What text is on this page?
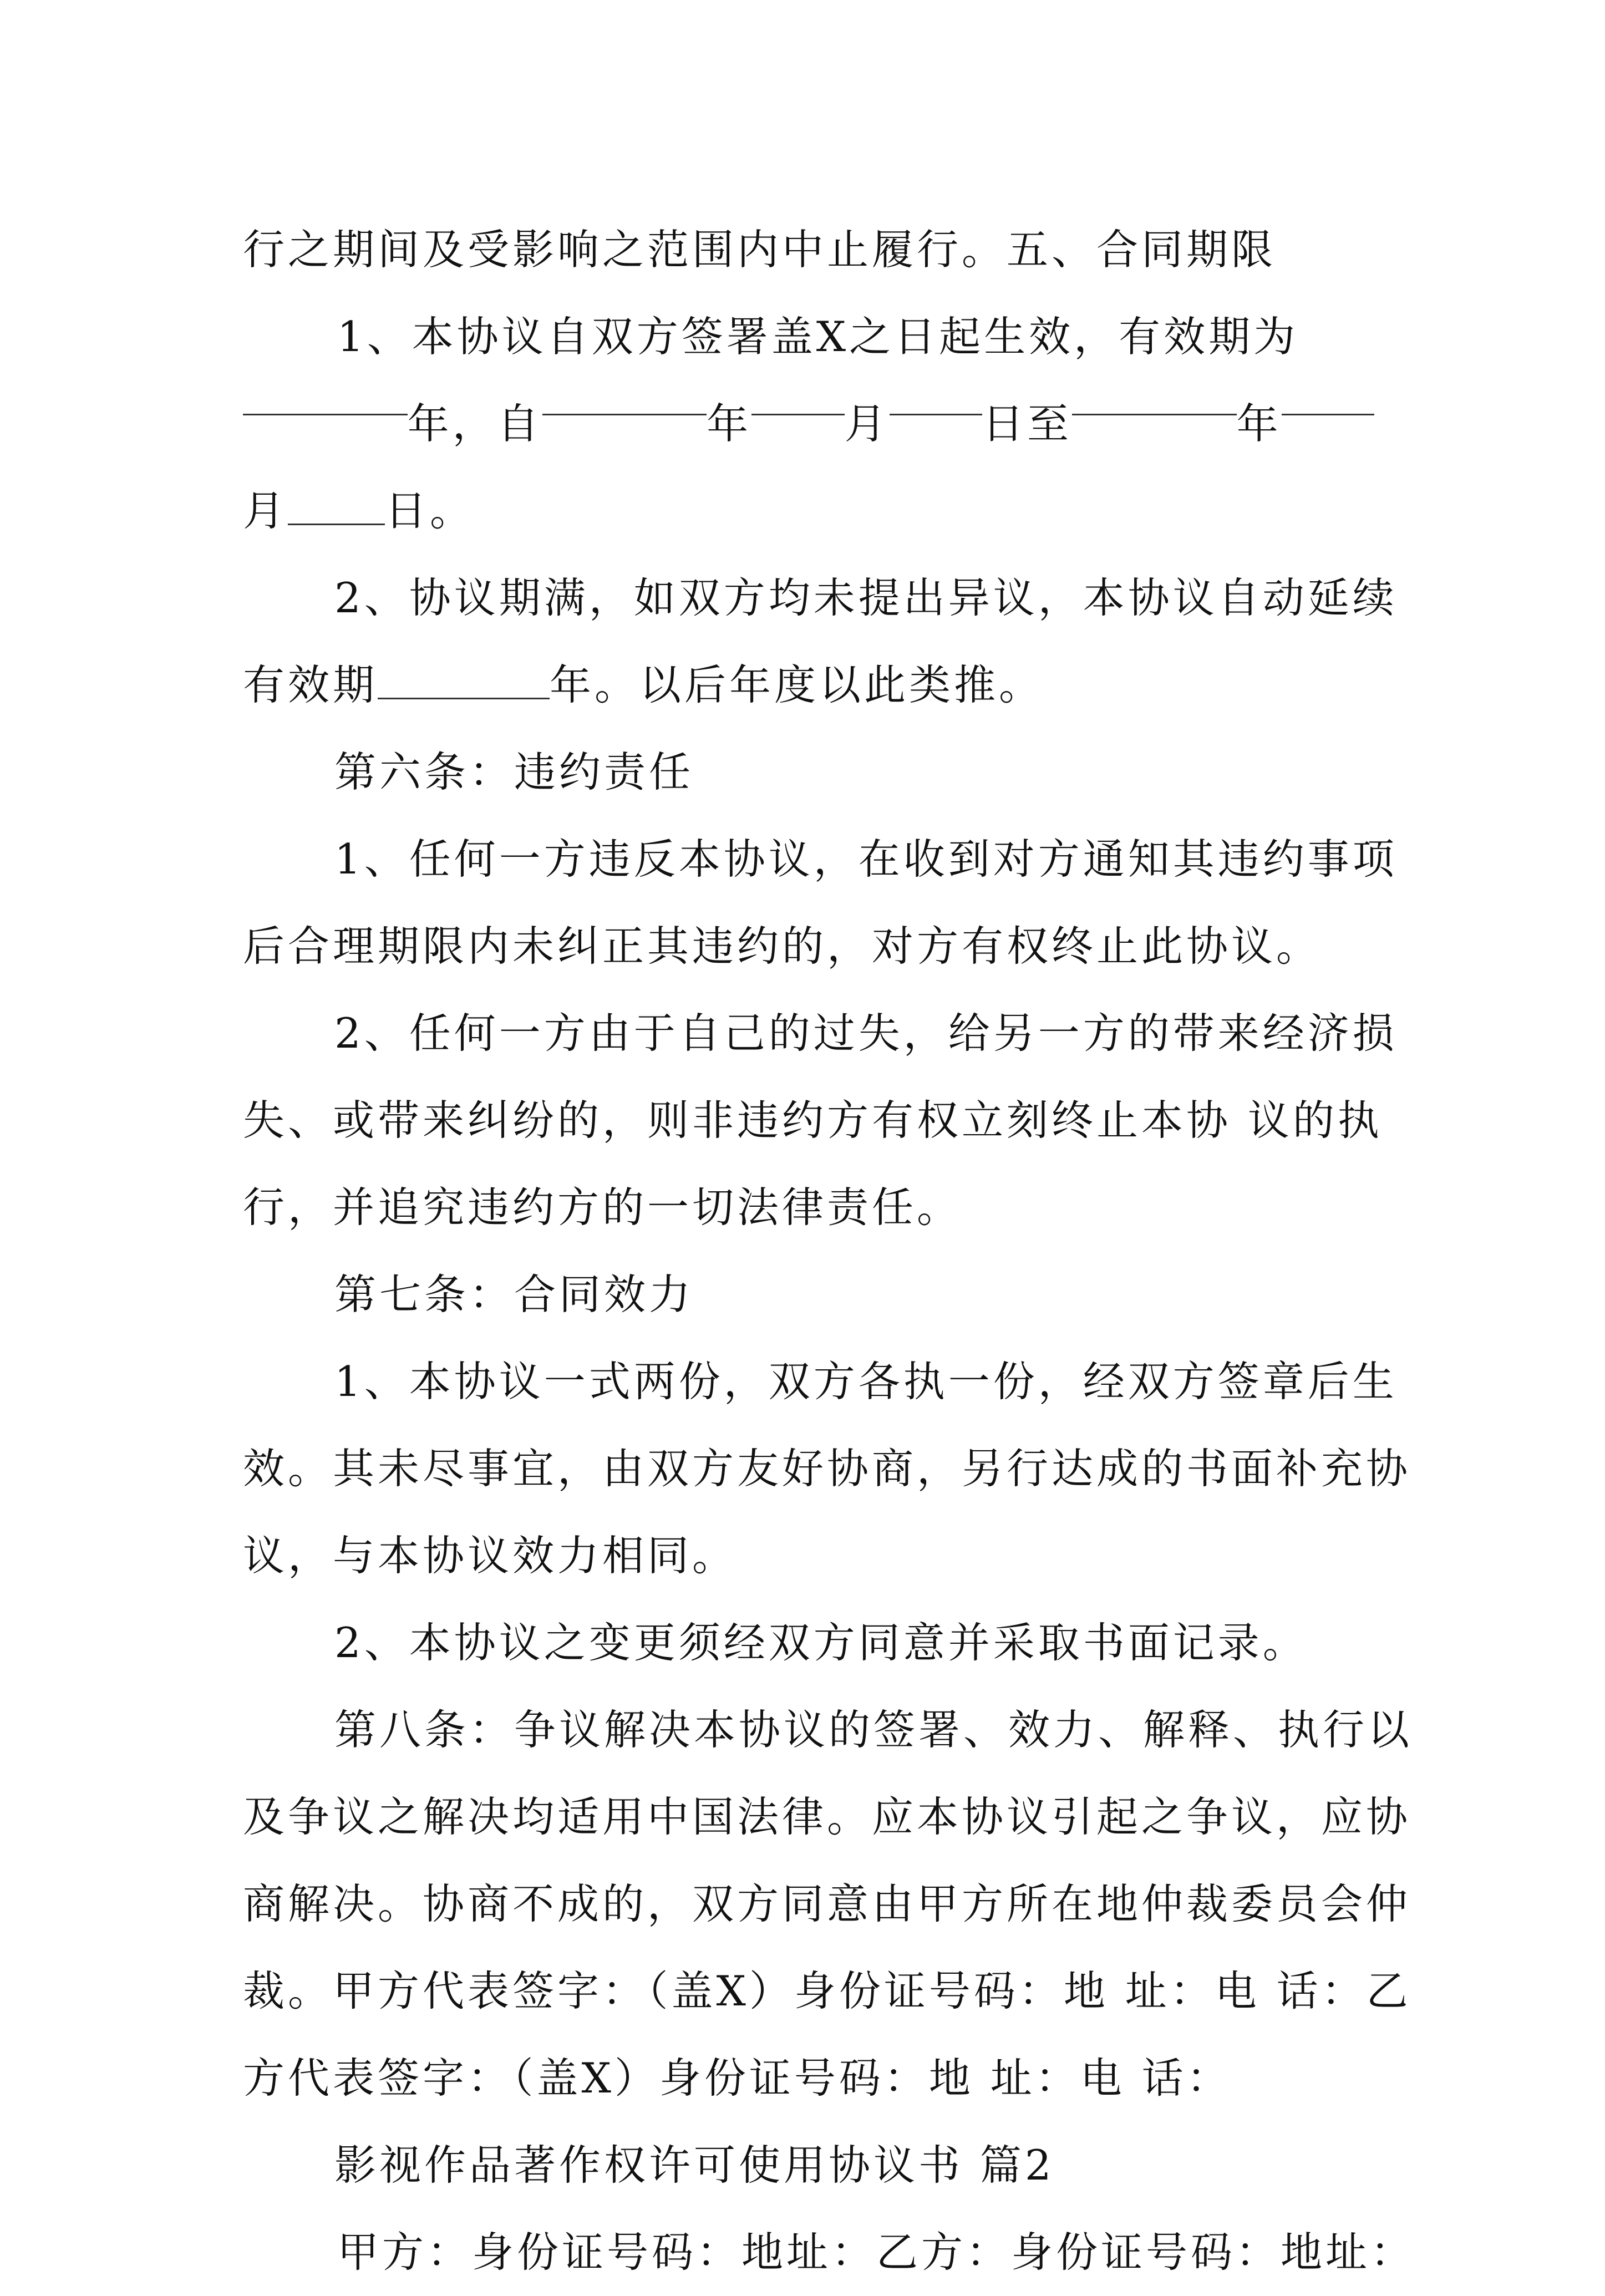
行之期间及受影响之范围内中止履行。五、合同期限
1、本协议自双方签署盖X之日起生效，有效期为
年，自	年 月 日至	年
月 日。
2、协议期满，如双方均未提出异议，本协议自动延续
有效期	年。以后年度以此类推。
第六条：违约责任
1、任何一方违反本协议，在收到对方通知其违约事项
后合理期限内未纠正其违约的，对方有权终止此协议。
2、任何一方由于自己的过失，给另一方的带来经济损
失、或带来纠纷的，则非违约方有权立刻终止本协 议的执
行，并追究违约方的一切法律责任。
第七条：合同效力
1、本协议一式两份，双方各执一份，经双方签章后生
效。其未尽事宜，由双方友好协商，另行达成的书面补充协
议，与本协议效力相同。
2、本协议之变更须经双方同意并采取书面记录。
第八条：争议解决本协议的签署、效力、解释、执行以
及争议之解决均适用中国法律。应本协议引起之争议，应协
商解决。协商不成的，双方同意由甲方所在地仲裁委员会仲
裁。甲方代表签字：（盖X）身份证号码：地 址：电 话：乙
方代表签字：（盖X）身份证号码：地 址：电 话：
影视作品著作权许可使用协议书 篇2
甲方：身份证号码：地址：乙方：身份证号码：地址：
